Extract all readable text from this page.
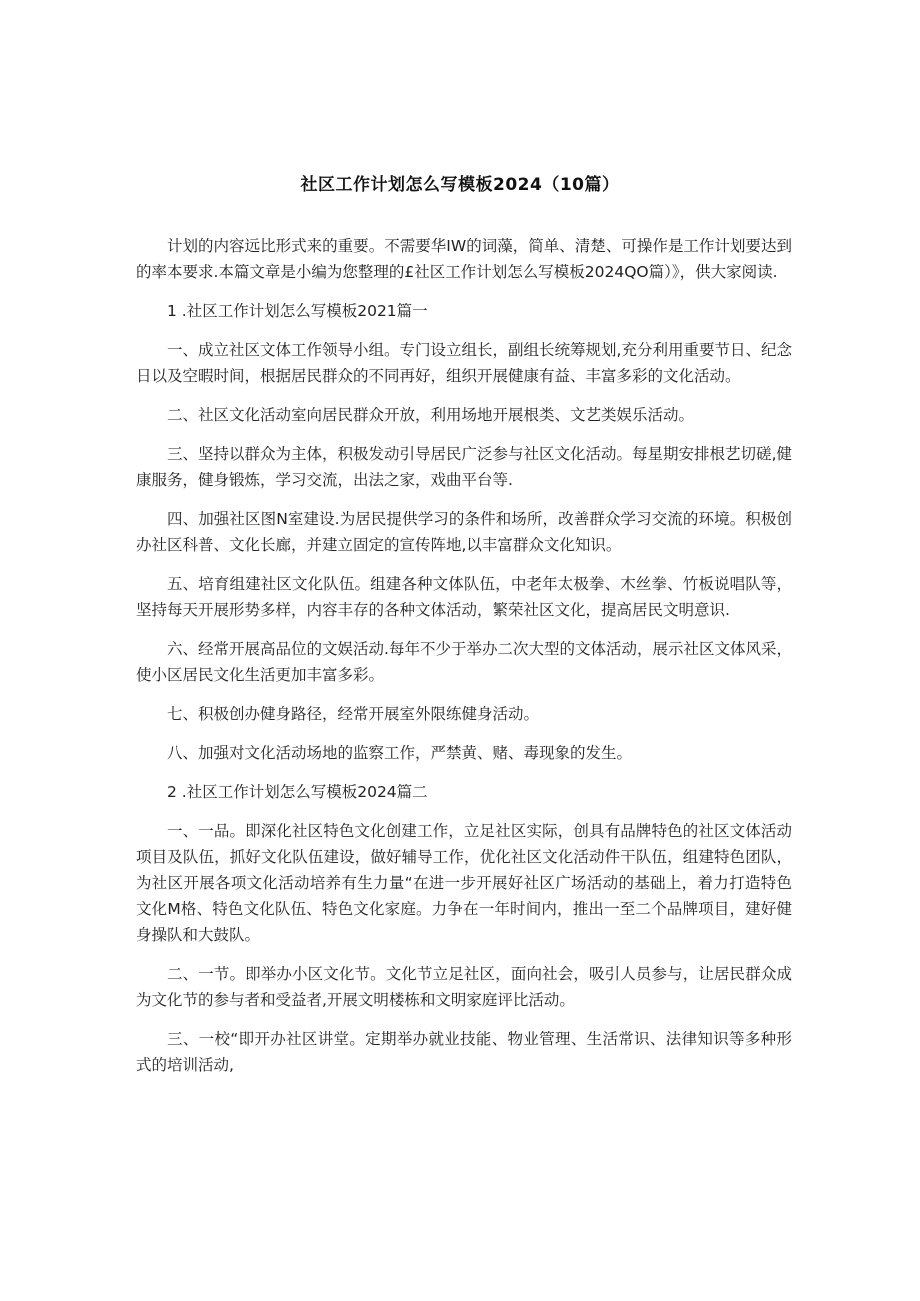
社区工作计划怎么写模板2024（10篇）

计划的内容远比形式来的重要。不需要华IW的词藻，简单、清楚、可操作是工作计划要达到的率本要求.本篇文章是小编为您整理的£社区工作计划怎么写模板2024QO篇）》，供大家阅读.

1 .社区工作计划怎么写模板2021篇一

一、成立社区文体工作领导小组。专门设立组长，副组长统筹规划,充分利用重要节日、纪念日以及空暇时间，根据居民群众的不同再好，组织开展健康有益、丰富多彩的文化活动。

二、社区文化活动室向居民群众开放，利用场地开展根类、文艺类娱乐活动。

三、坚持以群众为主体，积极发动引导居民广泛参与社区文化活动。每星期安排根艺切磋,健康服务，健身锻炼，学习交流，出法之家，戏曲平台等.

四、加强社区图N室建设.为居民提供学习的条件和场所，改善群众学习交流的环境。积极创办社区科普、文化长廊，并建立固定的宣传阵地,以丰富群众文化知识。

五、培育组建社区文化队伍。组建各种文体队伍，中老年太极拳、木丝拳、竹板说唱队等，坚持每天开展形势多样，内容丰存的各种文体活动，繁荣社区文化，提高居民文明意识.

六、经常开展高品位的文娱活动.每年不少于举办二次大型的文体活动，展示社区文体风采，使小区居民文化生活更加丰富多彩。

七、积极创办健身路径，经常开展室外限练健身活动。

八、加强对文化活动场地的监察工作，严禁黄、赌、毒现象的发生。

2 .社区工作计划怎么写模板2024篇二

一、一品。即深化社区特色文化创建工作，立足社区实际，创具有品牌特色的社区文体活动项目及队伍，抓好文化队伍建设，做好辅导工作，优化社区文化活动件干队伍，组建特色团队，为社区开展各项文化活动培养有生力量“在进一步开展好社区广场活动的基础上，着力打造特色文化M格、特色文化队伍、特色文化家庭。力争在一年时间内，推出一至二个品牌项目，建好健身操队和大鼓队。

二、一节。即举办小区文化节。文化节立足社区，面向社会，吸引人员参与，让居民群众成为文化节的参与者和受益者,开展文明楼栋和文明家庭评比活动。

三、一校“即开办社区讲堂。定期举办就业技能、物业管理、生活常识、法律知识等多种形式的培训活动,
